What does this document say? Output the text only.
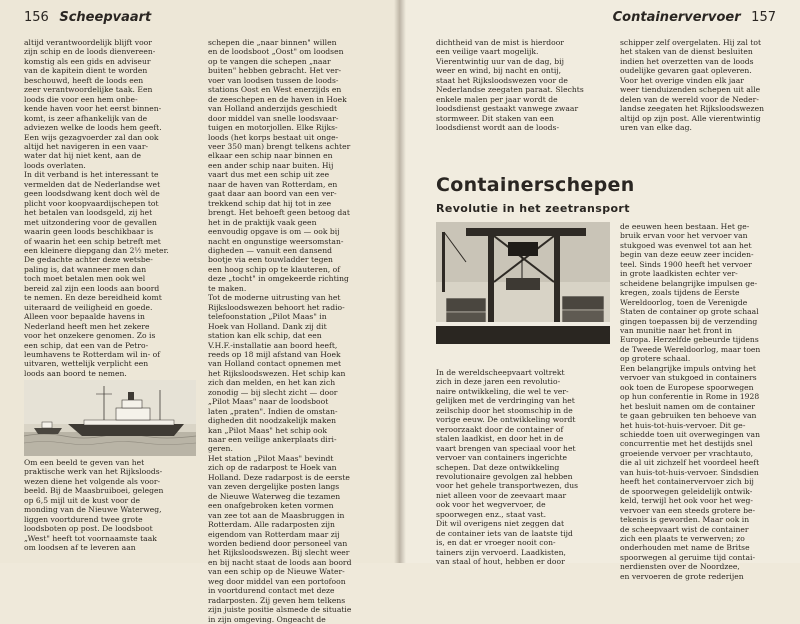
156 Scheepvaart
altijd verantwoordelijk blijft voor
zijn schip en de loods dienvereen-
komstig als een gids en adviseur
van de kapitein dient te worden
beschouwd, heeft de loods een
zeer verantwoordelijke taak. Een
loods die voor een hem onbe-
kende haven voor het eerst binnen-
komt, is zeer afhankelijk van de
adviezen welke de loods hem geeft.
Een wijs gezagvoerder zal dan ook
altijd het navigeren in een vaar-
water dat hij niet kent, aan de
loods overlaten.
In dit verband is het interessant te
vermelden dat de Nederlandse wet
geen loodsdwang kent doch wèl de
plicht voor koopvaardijschepen tot
het betalen van loodsgeld, zij het
met uitzondering voor de gevallen
waarin geen loods beschikbaar is
of waarin het een schip betreft met
een kleinere diepgang dan 2½ meter.
De gedachte achter deze wetsbe-
paling is, dat wanneer men dan
toch moet betalen men ook wel
bereid zal zijn een loods aan boord
te nemen. En deze bereidheid komt
uiteraard de veiligheid en goede.
Alleen voor bepaalde havens in
Nederland heeft men het zekere
voor het onzekere genomen. Zo is
een schip, dat een van de Petro-
leumhavens te Rotterdam wil in- of
uitvaren, wettelijk verplicht een
loods aan boord te nemen.
Om een beeld te geven van het
praktische werk van het Rijksloods-
wezen diene het volgende als voor-
beeld. Bij de Maasbruiboei, gelegen
op 6,5 mijl uit de kust voor de
monding van de Nieuwe Waterweg,
liggen voortdurend twee grote
loodsboten op post. De loodsboot
„West" heeft tot voornaamste taak
om loodsen af te leveren aan
schepen die „naar binnen" willen
en de loodsboot „Oost" om loodsen
op te vangen die schepen „naar
buiten" hebben gebracht. Het ver-
voer van loodsen tussen de loods-
stations Oost en West enerzijds en
de zeeschepen en de haven in Hoek
van Holland anderzijds geschiedt
door middel van snelle loodsvaar-
tuigen en motorjollen. Elke Rijks-
loods (het korps bestaat uit onge-
veer 350 man) brengt telkens achter
elkaar een schip naar binnen en
een ander schip naar buiten. Hij
vaart dus met een schip uit zee
naar de haven van Rotterdam, en
gaat daar aan boord van een ver-
trekkend schip dat hij tot in zee
brengt. Het behoeft geen betoog dat
het in de praktijk vaak geen
eenvoudig opgave is om — ook bij
nacht en ongunstige weersomstan-
digheden — vanuit een dansend
bootje via een touwladder tegen
een hoog schip op te klauteren, of
deze „tocht" in omgekeerde richting
te maken.
Tot de moderne uitrusting van het
Rijksloodswezen behoort het radio-
telefoonstation „Pilot Maas" in
Hoek van Holland. Dank zij dit
station kan elk schip, dat een
V.H.F.-installatie aan boord heeft,
reeds op 18 mijl afstand van Hoek
van Holland contact opnemen met
het Rijksloodswezen. Het schip kan
zich dan melden, en het kan zich
zonodig — bij slecht zicht — door
„Pilot Maas" naar de loodsboot
laten „praten". Indien de omstan-
digheden dit noodzakelijk maken
kan „Pilot Maas" het schip ook
naar een veilige ankerplaats diri-
geren.
Het station „Pilot Maas" bevindt
zich op de radarpost te Hoek van
Holland. Deze radarpost is de eerste
van zeven dergelijke posten langs
de Nieuwe Waterweg die tezamen
een onafgebroken keten vormen
van zee tot aan de Maasbruggen in
Rotterdam. Alle radarposten zijn
eigendom van Rotterdam maar zij
worden bediend door personeel van
het Rijksloodswezen. Bij slecht weer
en bij nacht staat de loods aan boord
van een schip op de Nieuwe Water-
weg door middel van een portofoon
in voortdurend contact met deze
radarposten. Zij geven hem telkens
zijn juiste positie alsmede de situatie
in zijn omgeving. Ongeacht de
Containervervoer 157
dichtheid van de mist is hierdoor
een veilige vaart mogelijk.
Vierentwintig uur van de dag, bij
weer en wind, bij nacht en ontij,
staat het Rijksloodswezen voor de
Nederlandse zeegaten paraat. Slechts
enkele malen per jaar wordt de
loodsdienst gestaakt vanwege zwaar
stormweer. Dit staken van een
loodsdienst wordt aan de loods-
schipper zelf overgelaten. Hij zal tot
het staken van de dienst besluiten
indien het overzetten van de loods
oudelijke gevaren gaat opleveren.
Voor het overige vinden elk jaar
weer tienduizenden schepen uit alle
delen van de wereld voor de Neder-
landse zeegaten het Rijksloodswezen
altijd op zijn post. Alle vierentwintig
uren van elke dag.
Containerschepen
Revolutie in het zeetransport
In de wereldscheepvaart voltrekt
zich in deze jaren een revolutio-
naire ontwikkeling, die wel te ver-
gelijken met de verdringing van het
zeilschip door het stoomschip in de
vorige eeuw. De ontwikkeling wordt
veroorzaakt door de container of
stalen laadkist, en door het in de
vaart brengen van speciaal voor het
vervoer van containers ingerichte
schepen. Dat deze ontwikkeling
revolutionaire gevolgen zal hebben
voor het gehele transportwezen, dus
niet alleen voor de zeevaart maar
ook voor het wegvervoer, de
spoorwegen enz., staat vast.
Dit wil overigens niet zeggen dat
de container iets van de laatste tijd
is, en dat er vroeger nooit con-
tainers zijn vervoerd. Laadkisten,
van staal of hout, hebben er door
de eeuwen heen bestaan. Het ge-
bruik ervan voor het vervoer van
stukgoed was evenwel tot aan het
begin van deze eeuw zeer inciden-
teel. Sinds 1900 heeft het vervoer
in grote laadkisten echter ver-
scheidene belangrijke impulsen ge-
kregen, zoals tijdens de Eerste
Wereldoorlog, toen de Verenigde
Staten de container op grote schaal
gingen toepassen bij de verzending
van munitie naar het front in
Europa. Herzelfde gebeurde tijdens
de Tweede Wereldoorlog, maar toen
op grotere schaal.
Een belangrijke impuls ontving het
vervoer van stukgoed in containers
ook toen de Europese spoorwegen
op hun conferentie in Rome in 1928
het besluit namen om de container
te gaan gebruiken ten behoeve van
het huis-tot-huis-vervoer. Dit ge-
schiedde toen uit overwegingen van
concurrentie met het destijds snel
groeiende vervoer per vrachtauto,
die al uit zichzelf het voordeel heeft
van huis-tot-huis-vervoer. Sindsdien
heeft het containervervoer zich bij
de spoorwegen geleidelijk ontwik-
keld, terwijl het ook voor het weg-
vervoer van een steeds grotere be-
tekenis is geworden. Maar ook in
de scheepvaart wist de container
zich een plaats te verwerven; zo
onderhouden met name de Britse
spoorwegen al geruime tijd contai-
nerdiensten over de Noordzee,
en vervoeren de grote rederijen
